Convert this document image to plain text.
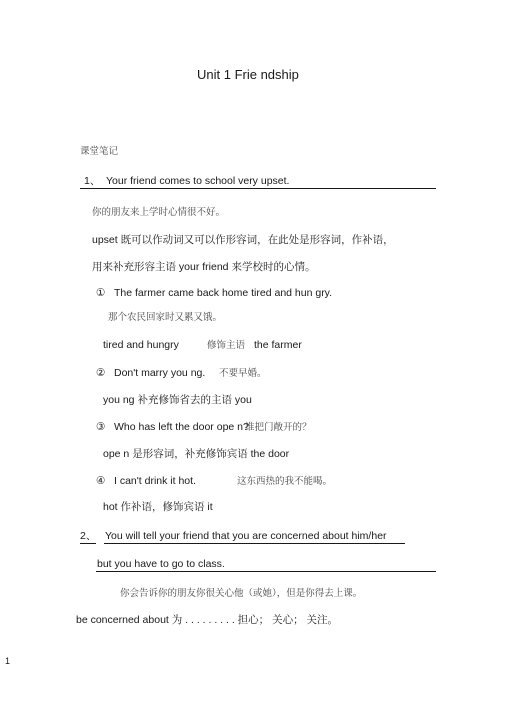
Unit 1 Frie ndship
课堂笔记
1、 Your friend comes to school very upset.
你的朋友来上学时心情很不好。
upset 既可以作动词又可以作形容词，在此处是形容词，作补语，
用来补充形容主语 your friend 来学校时的心情。
① The farmer came back home tired and hun gry.
那个农民回家时又累又饿。
tired and hungry	修饰主语 the farmer
② Don't marry you ng. 不要早婚。
you ng 补充修饰省去的主语 you
③ Who has left the door ope n?
谁把门敞开的？
ope n 是形容词，补充修饰宾语 the door
④ I can't drink it hot.	这东西热的我不能喝。
hot 作补语，修饰宾语 it
2、 You will tell your friend that you are concerned about him/her
but you have to go to class.
你会告诉你的朋友你很关心他（或她），但是你得去上课。
be concerned about 为 . . . . . . . . . 担心； 关心； 关注。
1
